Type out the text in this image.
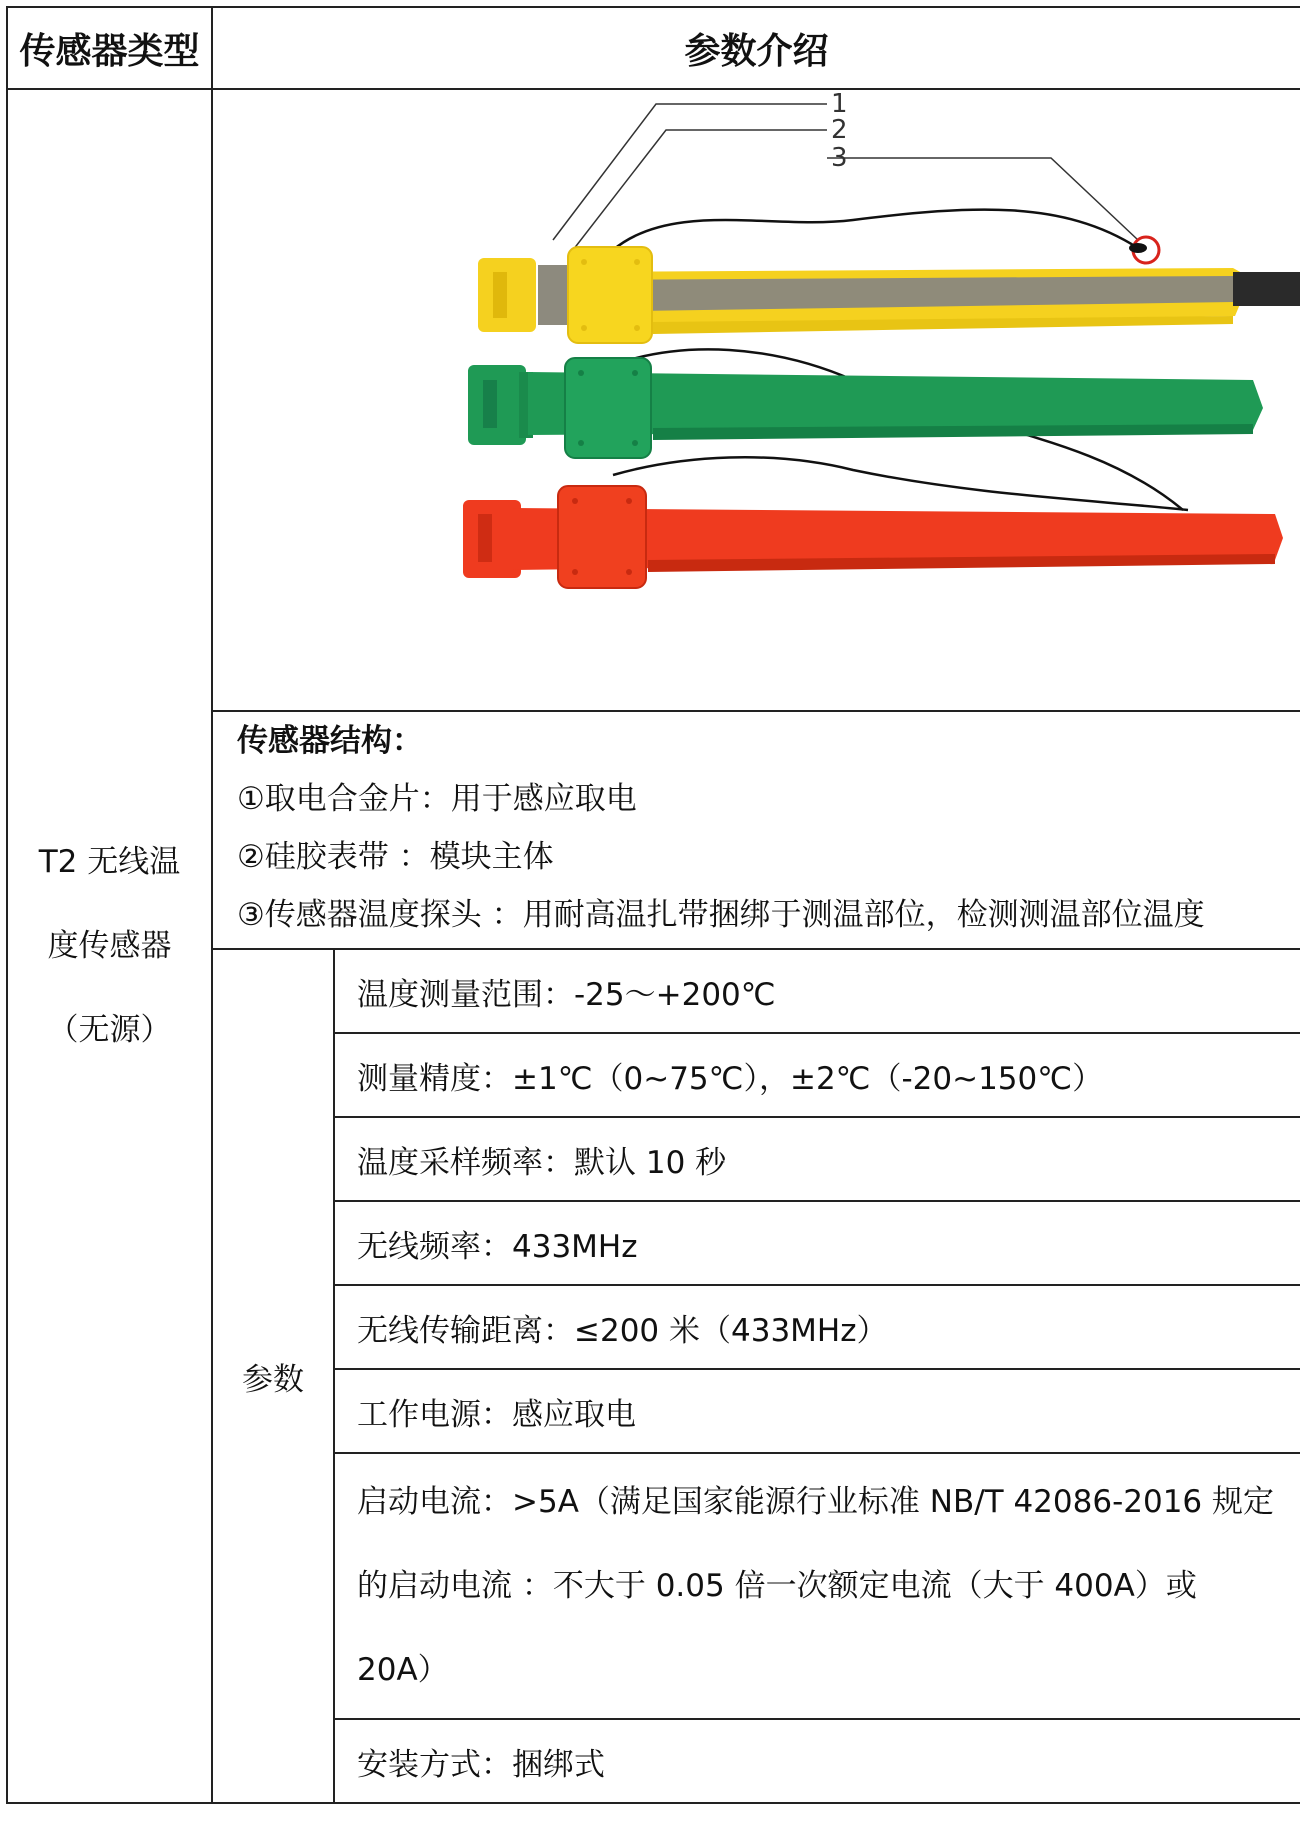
传感器类型	参数介绍	
T2 无线温度传感器（无源）	1
2
3	

	传感器结构：
①取电合金片：用于感应取电
②硅胶表带 ：模块主体
③传感器温度探头 ：用耐高温扎带捆绑于测温部位，检测测温部位温度	

	参数	温度测量范围：-25～+200℃
		测量精度：±1℃（0~75℃），±2℃（-20~150℃）
		温度采样频率：默认 10 秒
		无线频率：433MHz
		无线传输距离：≤200 米（433MHz）
		工作电源：感应取电
		启动电流：>5A（满足国家能源行业标准 NB/T 42086-2016 规定的启动电流 ：不大于 0.05 倍一次额定电流（大于 400A）或 20A）
		安装方式：捆绑式
